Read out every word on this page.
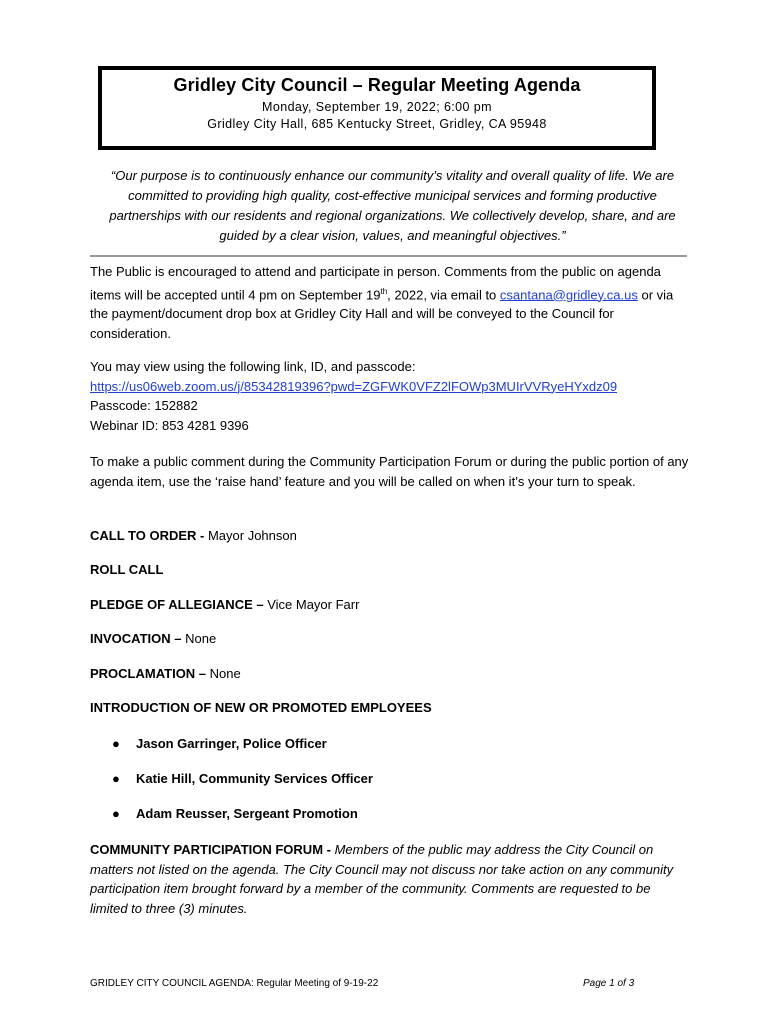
Gridley City Council – Regular Meeting Agenda
Monday, September 19, 2022; 6:00 pm
Gridley City Hall, 685 Kentucky Street, Gridley, CA 95948
“Our purpose is to continuously enhance our community’s vitality and overall quality of life. We are committed to providing high quality, cost-effective municipal services and forming productive partnerships with our residents and regional organizations. We collectively develop, share, and are guided by a clear vision, values, and meaningful objectives.”
The Public is encouraged to attend and participate in person. Comments from the public on agenda items will be accepted until 4 pm on September 19th, 2022, via email to csantana@gridley.ca.us or via the payment/document drop box at Gridley City Hall and will be conveyed to the Council for consideration.
You may view using the following link, ID, and passcode:
https://us06web.zoom.us/j/85342819396?pwd=ZGFWK0VFZ2lFOWp3MUIrVVRyeHYxdz09
Passcode: 152882
Webinar ID: 853 4281 9396
To make a public comment during the Community Participation Forum or during the public portion of any agenda item, use the ‘raise hand’ feature and you will be called on when it’s your turn to speak.
CALL TO ORDER - Mayor Johnson
ROLL CALL
PLEDGE OF ALLEGIANCE – Vice Mayor Farr
INVOCATION – None
PROCLAMATION – None
INTRODUCTION OF NEW OR PROMOTED EMPLOYEES
● Jason Garringer, Police Officer
● Katie Hill, Community Services Officer
● Adam Reusser, Sergeant Promotion
COMMUNITY PARTICIPATION FORUM - Members of the public may address the City Council on matters not listed on the agenda. The City Council may not discuss nor take action on any community participation item brought forward by a member of the community. Comments are requested to be limited to three (3) minutes.
GRIDLEY CITY COUNCIL AGENDA: Regular Meeting of 9-19-22	Page 1 of 3
